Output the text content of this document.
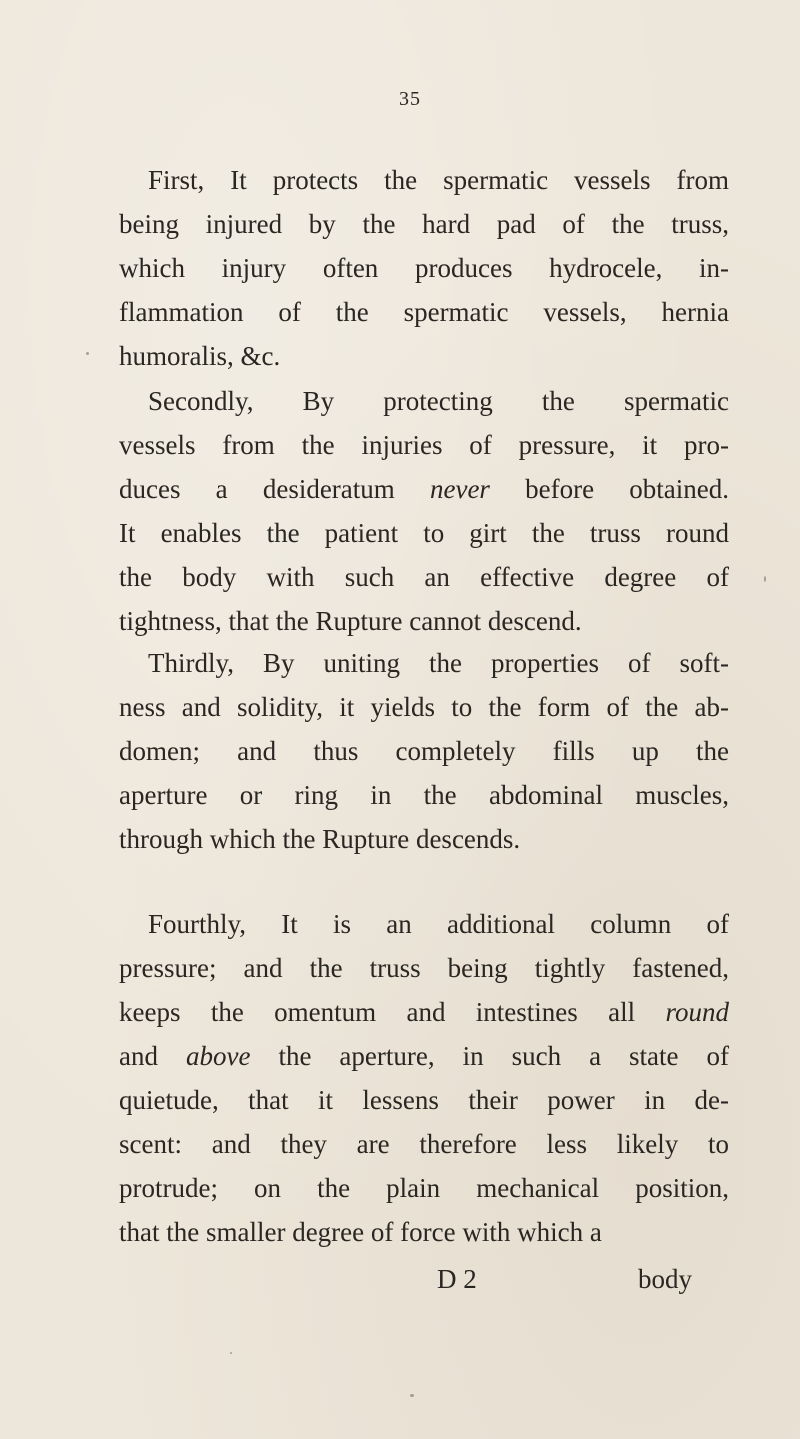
35
First, It protects the spermatic vessels from
being injured by the hard pad of the truss,
which injury often produces hydrocele, in-
flammation of the spermatic vessels, hernia
humoralis, &c.
Secondly, By protecting the spermatic
vessels from the injuries of pressure, it pro-
duces a desideratum never before obtained.
It enables the patient to girt the truss round
the body with such an effective degree of
tightness, that the Rupture cannot descend.
Thirdly, By uniting the properties of soft-
ness and solidity, it yields to the form of the ab-
domen; and thus completely fills up the
aperture or ring in the abdominal muscles,
through which the Rupture descends.
Fourthly, It is an additional column of
pressure; and the truss being tightly fastened,
keeps the omentum and intestines all round
and above the aperture, in such a state of
quietude, that it lessens their power in de-
scent: and they are therefore less likely to
protrude; on the plain mechanical position,
that the smaller degree of force with which a
D 2	body
